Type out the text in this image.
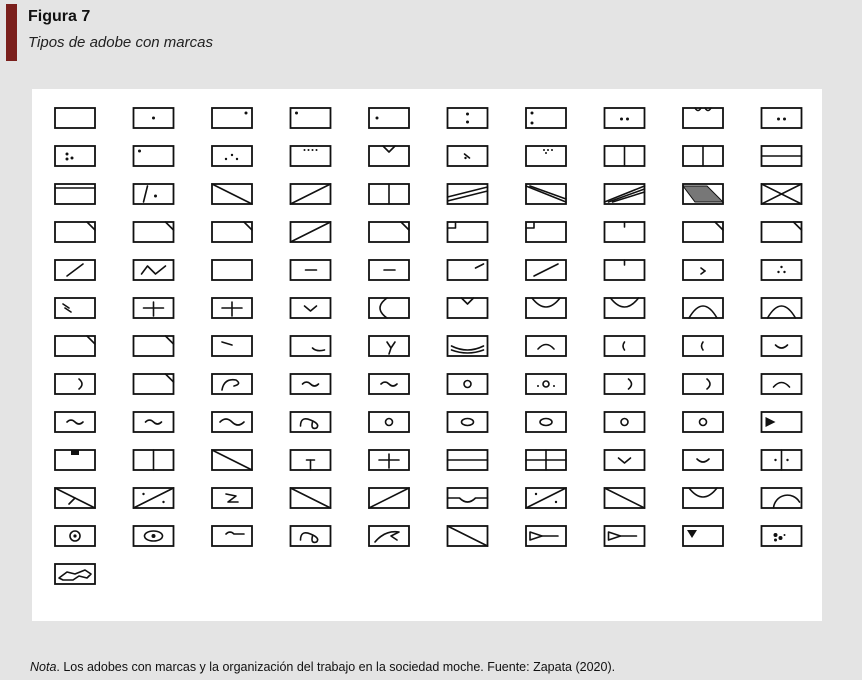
Figura 7
Tipos de adobe con marcas
Nota. Los adobes con marcas y la organización del trabajo en la sociedad moche. Fuente: Zapata (2020).
